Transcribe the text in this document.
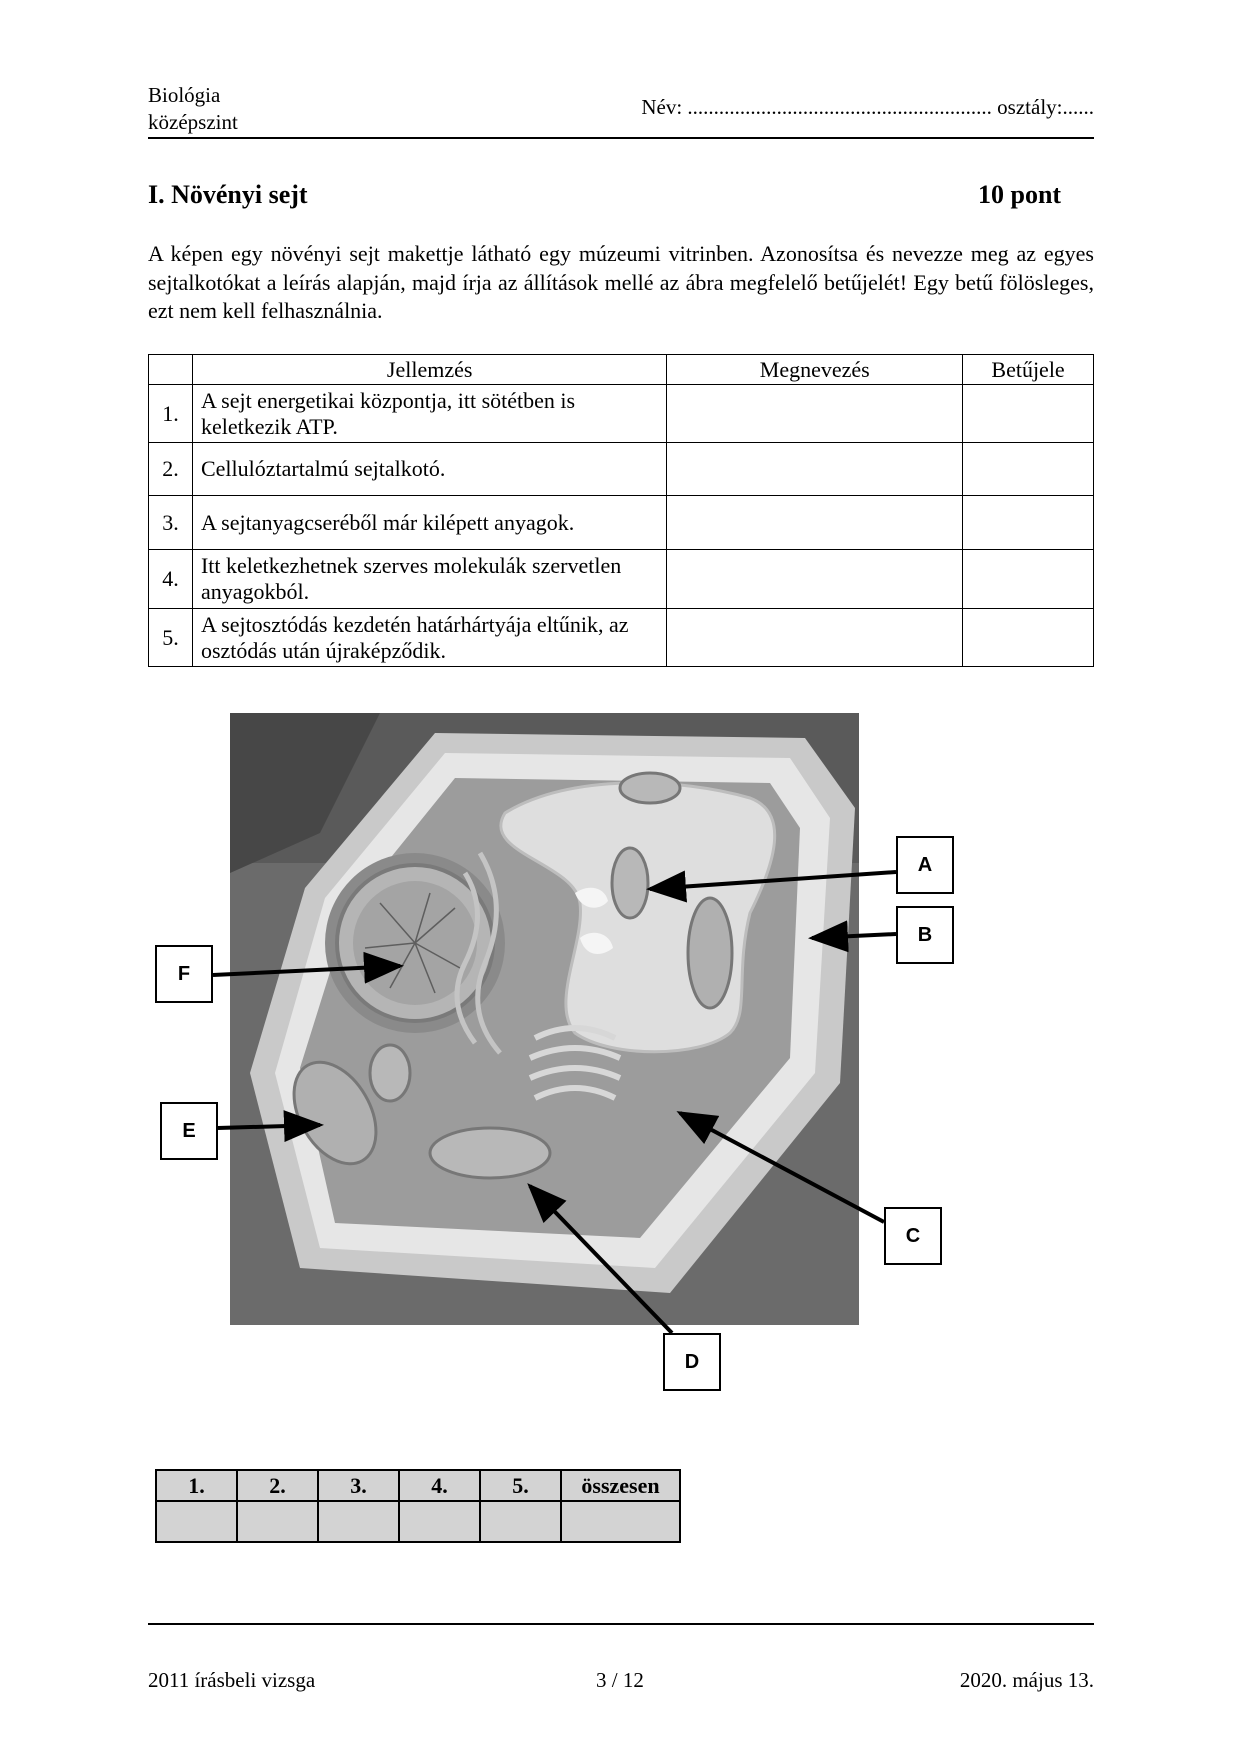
Biológia
középszint
Név: .......................................................... osztály:......
I. Növényi sejt	10 pont
A képen egy növényi sejt makettje látható egy múzeumi vitrinben. Azonosítsa és nevezze meg az egyes sejtalkotókat a leírás alapján, majd írja az állítások mellé az ábra megfelelő betűjelét! Egy betű fölösleges, ezt nem kell felhasználnia.
	Jellemzés	Megnevezés	Betűjele
1.	A sejt energetikai központja, itt sötétben is keletkezik ATP.		
2.	Cellulóztartalmú sejtalkotó.		
3.	A sejtanyagcseréből már kilépett anyagok.		
4.	Itt keletkezhetnek szerves molekulák szervetlen anyagokból.		
5.	A sejtosztódás kezdetén határhártyája eltűnik, az osztódás után újraképződik.		
A
B
C
D
E
F
1.	2.	3.	4.	5.	összesen

2011 írásbeli vizsga	3 / 12	2020. május 13.
